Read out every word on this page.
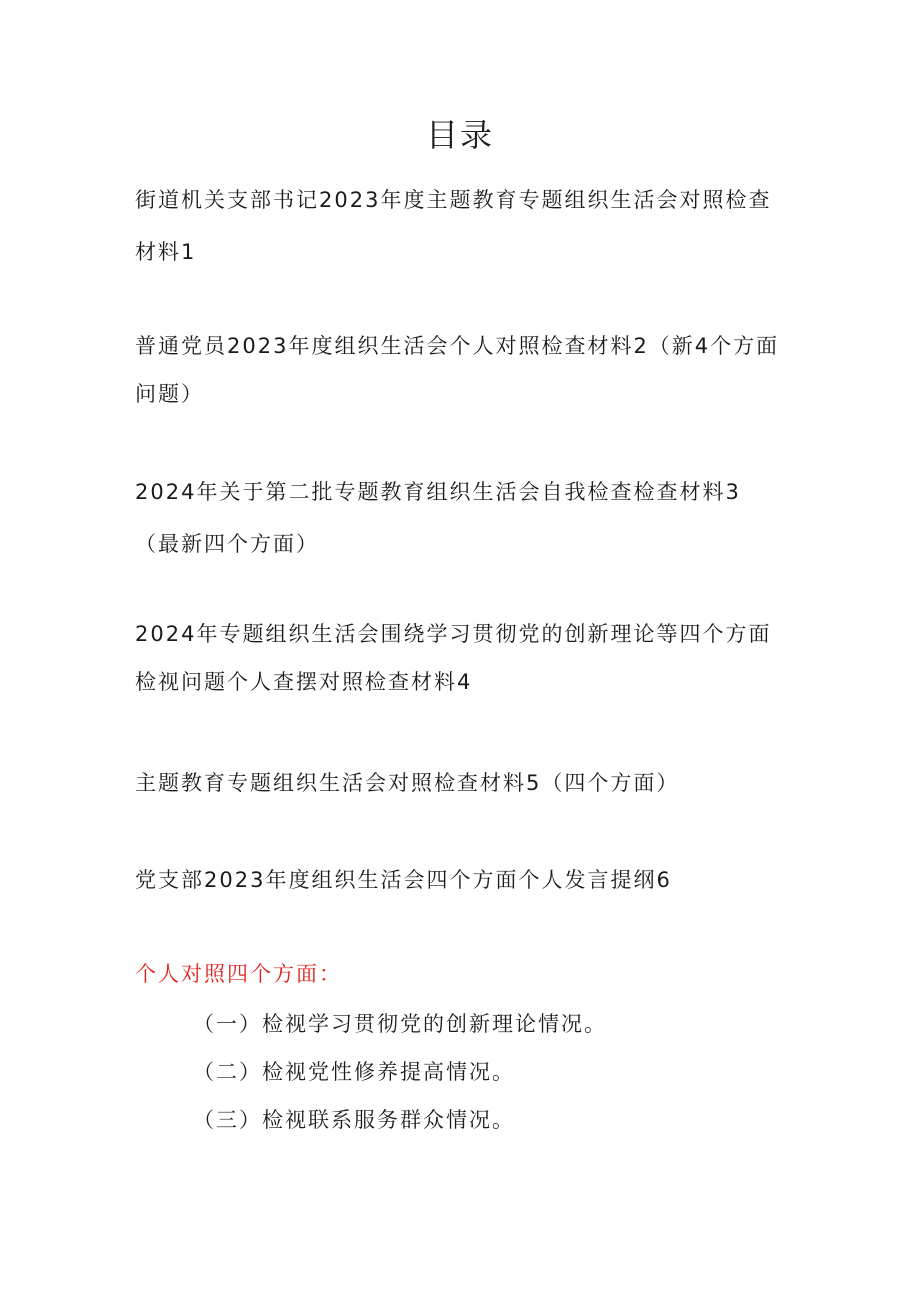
目录
街道机关支部书记2023年度主题教育专题组织生活会对照检查材料1
普通党员2023年度组织生活会个人对照检查材料2（新4个方面问题）
2024年关于第二批专题教育组织生活会自我检查检查材料3（最新四个方面）
2024年专题组织生活会围绕学习贯彻党的创新理论等四个方面检视问题个人查摆对照检查材料4
主题教育专题组织生活会对照检查材料5（四个方面）
党支部2023年度组织生活会四个方面个人发言提纲6
个人对照四个方面：
（一）检视学习贯彻党的创新理论情况。
（二）检视党性修养提高情况。
（三）检视联系服务群众情况。
